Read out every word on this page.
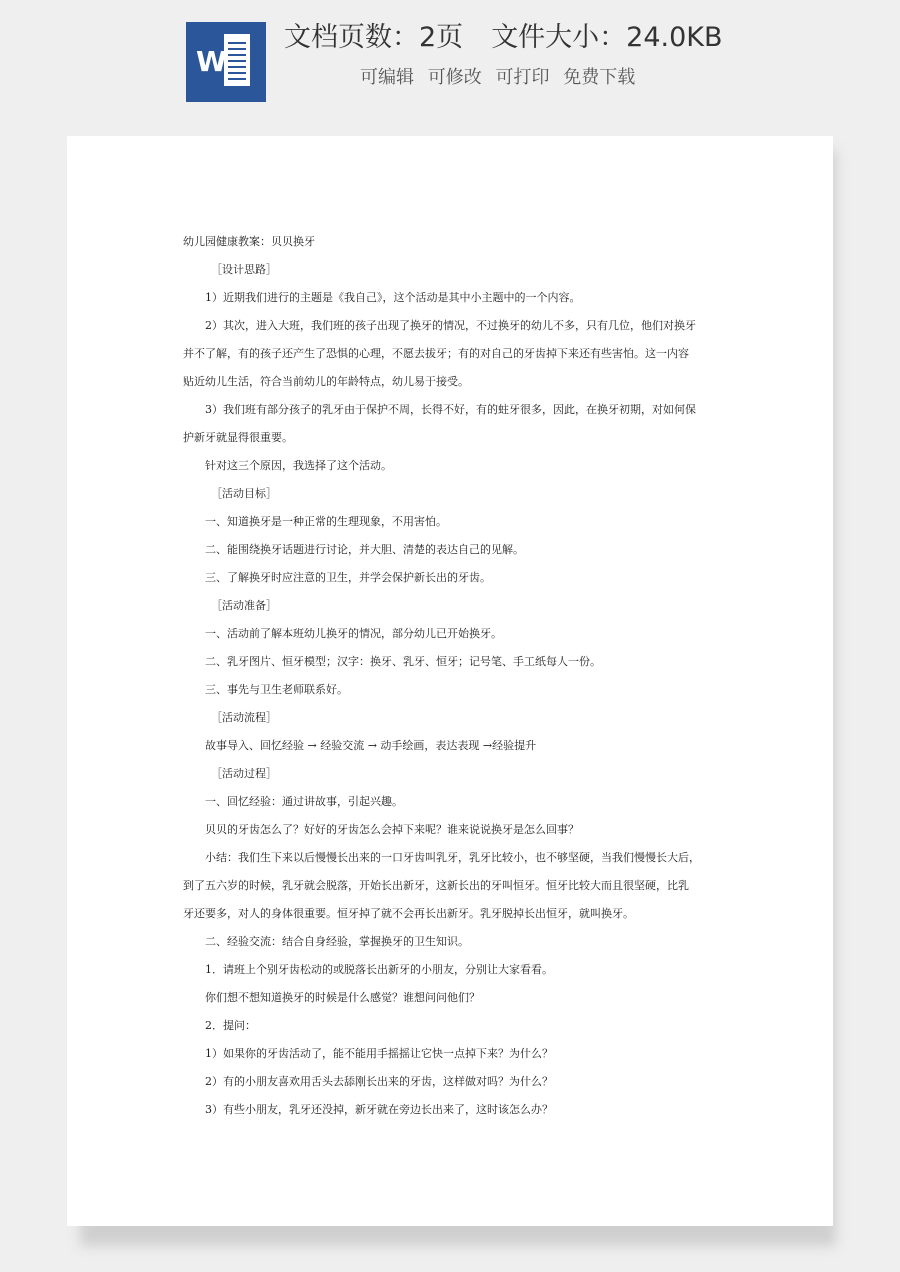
W
文档页数：2页 文件大小：24.0KB
可编辑 可修改 可打印 免费下载

幼儿园健康教案：贝贝换牙

［设计思路］

1）近期我们进行的主题是《我自己》，这个活动是其中小主题中的一个内容。

2）其次，进入大班，我们班的孩子出现了换牙的情况，不过换牙的幼儿不多，只有几位，他们对换牙

并不了解，有的孩子还产生了恐惧的心理，不愿去拔牙；有的对自己的牙齿掉下来还有些害怕。这一内容

贴近幼儿生活，符合当前幼儿的年龄特点，幼儿易于接受。

3）我们班有部分孩子的乳牙由于保护不周，长得不好，有的蛀牙很多，因此，在换牙初期，对如何保

护新牙就显得很重要。

针对这三个原因，我选择了这个活动。

［活动目标］

一、知道换牙是一种正常的生理现象，不用害怕。

二、能围绕换牙话题进行讨论，并大胆、清楚的表达自己的见解。

三、了解换牙时应注意的卫生，并学会保护新长出的牙齿。

［活动准备］

一、活动前了解本班幼儿换牙的情况，部分幼儿已开始换牙。

二、乳牙图片、恒牙模型；汉字：换牙、乳牙、恒牙；记号笔、手工纸每人一份。

三、事先与卫生老师联系好。

［活动流程］

故事导入、回忆经验 → 经验交流 → 动手绘画，表达表现 →经验提升

［活动过程］

一、回忆经验：通过讲故事，引起兴趣。

贝贝的牙齿怎么了？好好的牙齿怎么会掉下来呢？谁来说说换牙是怎么回事？

小结：我们生下来以后慢慢长出来的一口牙齿叫乳牙，乳牙比较小，也不够坚硬，当我们慢慢长大后，

到了五六岁的时候，乳牙就会脱落，开始长出新牙，这新长出的牙叫恒牙。恒牙比较大而且很坚硬，比乳

牙还要多，对人的身体很重要。恒牙掉了就不会再长出新牙。乳牙脱掉长出恒牙，就叫换牙。

二、经验交流：结合自身经验，掌握换牙的卫生知识。

1．请班上个别牙齿松动的或脱落长出新牙的小朋友，分别让大家看看。

你们想不想知道换牙的时候是什么感觉？谁想问问他们？

2．提问：

1）如果你的牙齿活动了，能不能用手摇摇让它快一点掉下来？为什么？

2）有的小朋友喜欢用舌头去舔刚长出来的牙齿，这样做对吗？为什么？

3）有些小朋友，乳牙还没掉，新牙就在旁边长出来了，这时该怎么办？
